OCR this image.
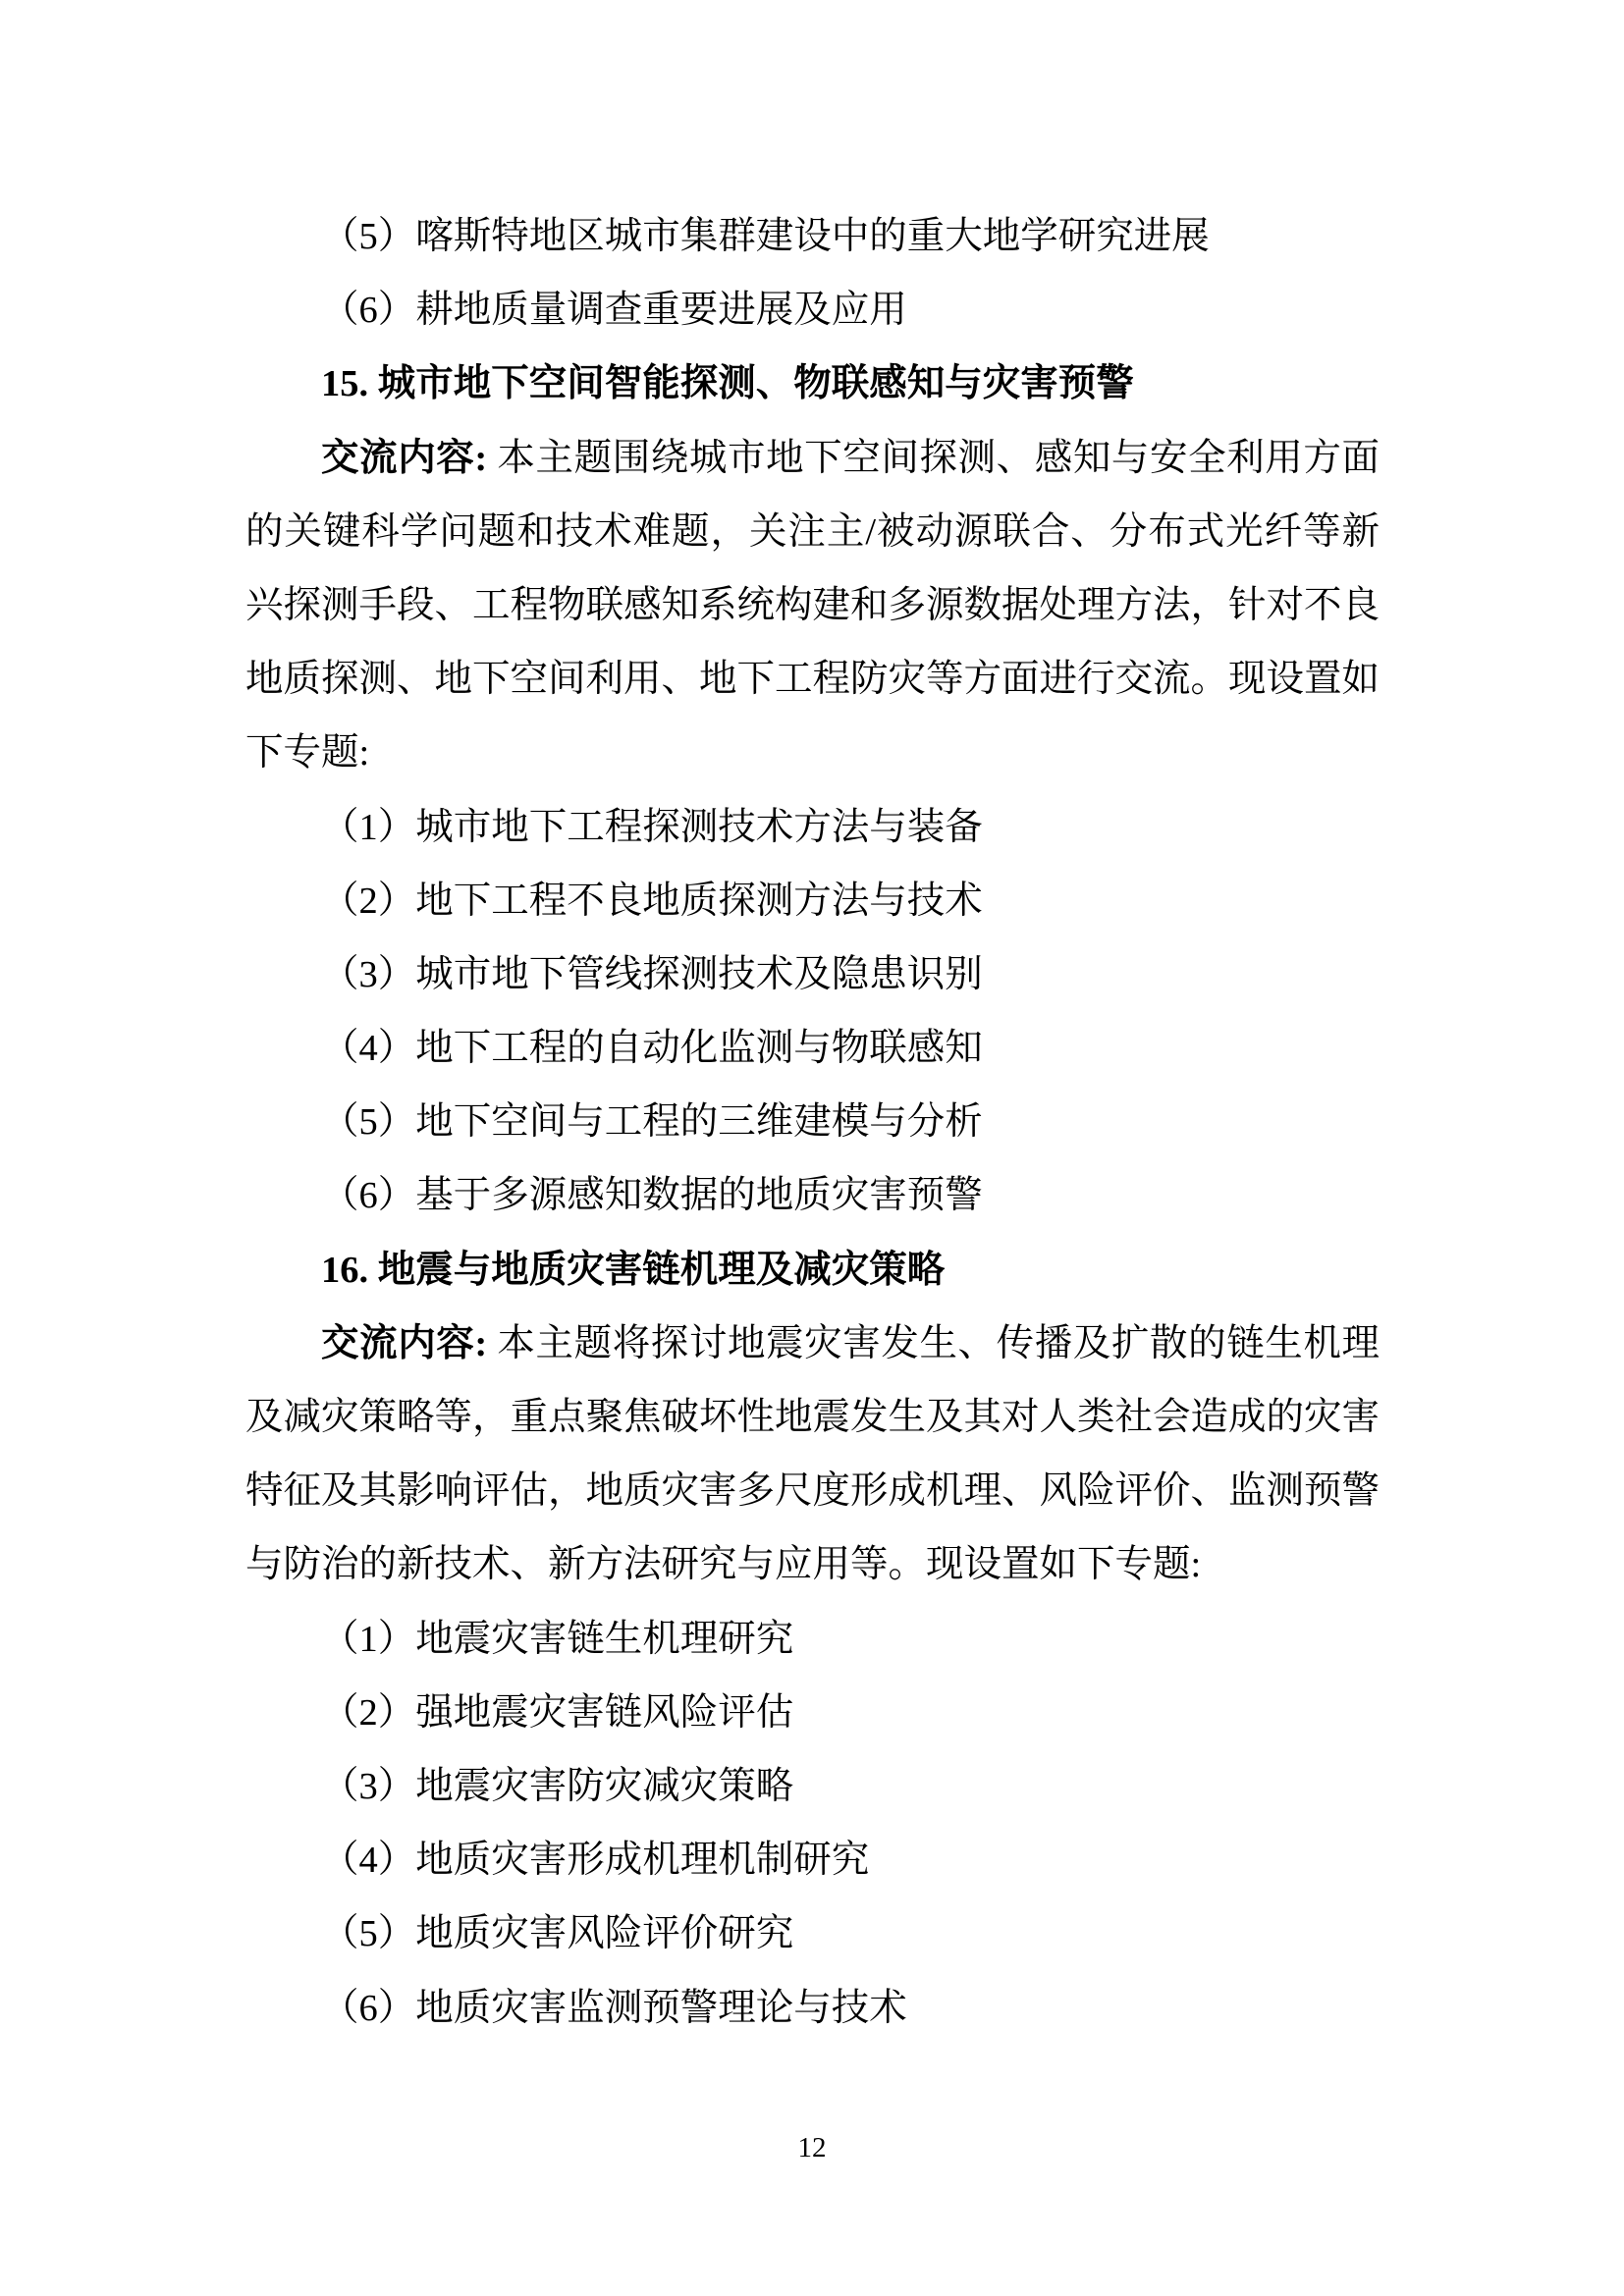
（5）喀斯特地区城市集群建设中的重大地学研究进展
（6）耕地质量调查重要进展及应用
15. 城市地下空间智能探测、物联感知与灾害预警
交流内容: 本主题围绕城市地下空间探测、感知与安全利用方面
的关键科学问题和技术难题，关注主/被动源联合、分布式光纤等新
兴探测手段、工程物联感知系统构建和多源数据处理方法，针对不良
地质探测、地下空间利用、地下工程防灾等方面进行交流。现设置如
下专题:
（1）城市地下工程探测技术方法与装备
（2）地下工程不良地质探测方法与技术
（3）城市地下管线探测技术及隐患识别
（4）地下工程的自动化监测与物联感知
（5）地下空间与工程的三维建模与分析
（6）基于多源感知数据的地质灾害预警
16. 地震与地质灾害链机理及减灾策略
交流内容: 本主题将探讨地震灾害发生、传播及扩散的链生机理
及减灾策略等，重点聚焦破坏性地震发生及其对人类社会造成的灾害
特征及其影响评估，地质灾害多尺度形成机理、风险评价、监测预警
与防治的新技术、新方法研究与应用等。现设置如下专题:
（1）地震灾害链生机理研究
（2）强地震灾害链风险评估
（3）地震灾害防灾减灾策略
（4）地质灾害形成机理机制研究
（5）地质灾害风险评价研究
（6）地质灾害监测预警理论与技术
12
